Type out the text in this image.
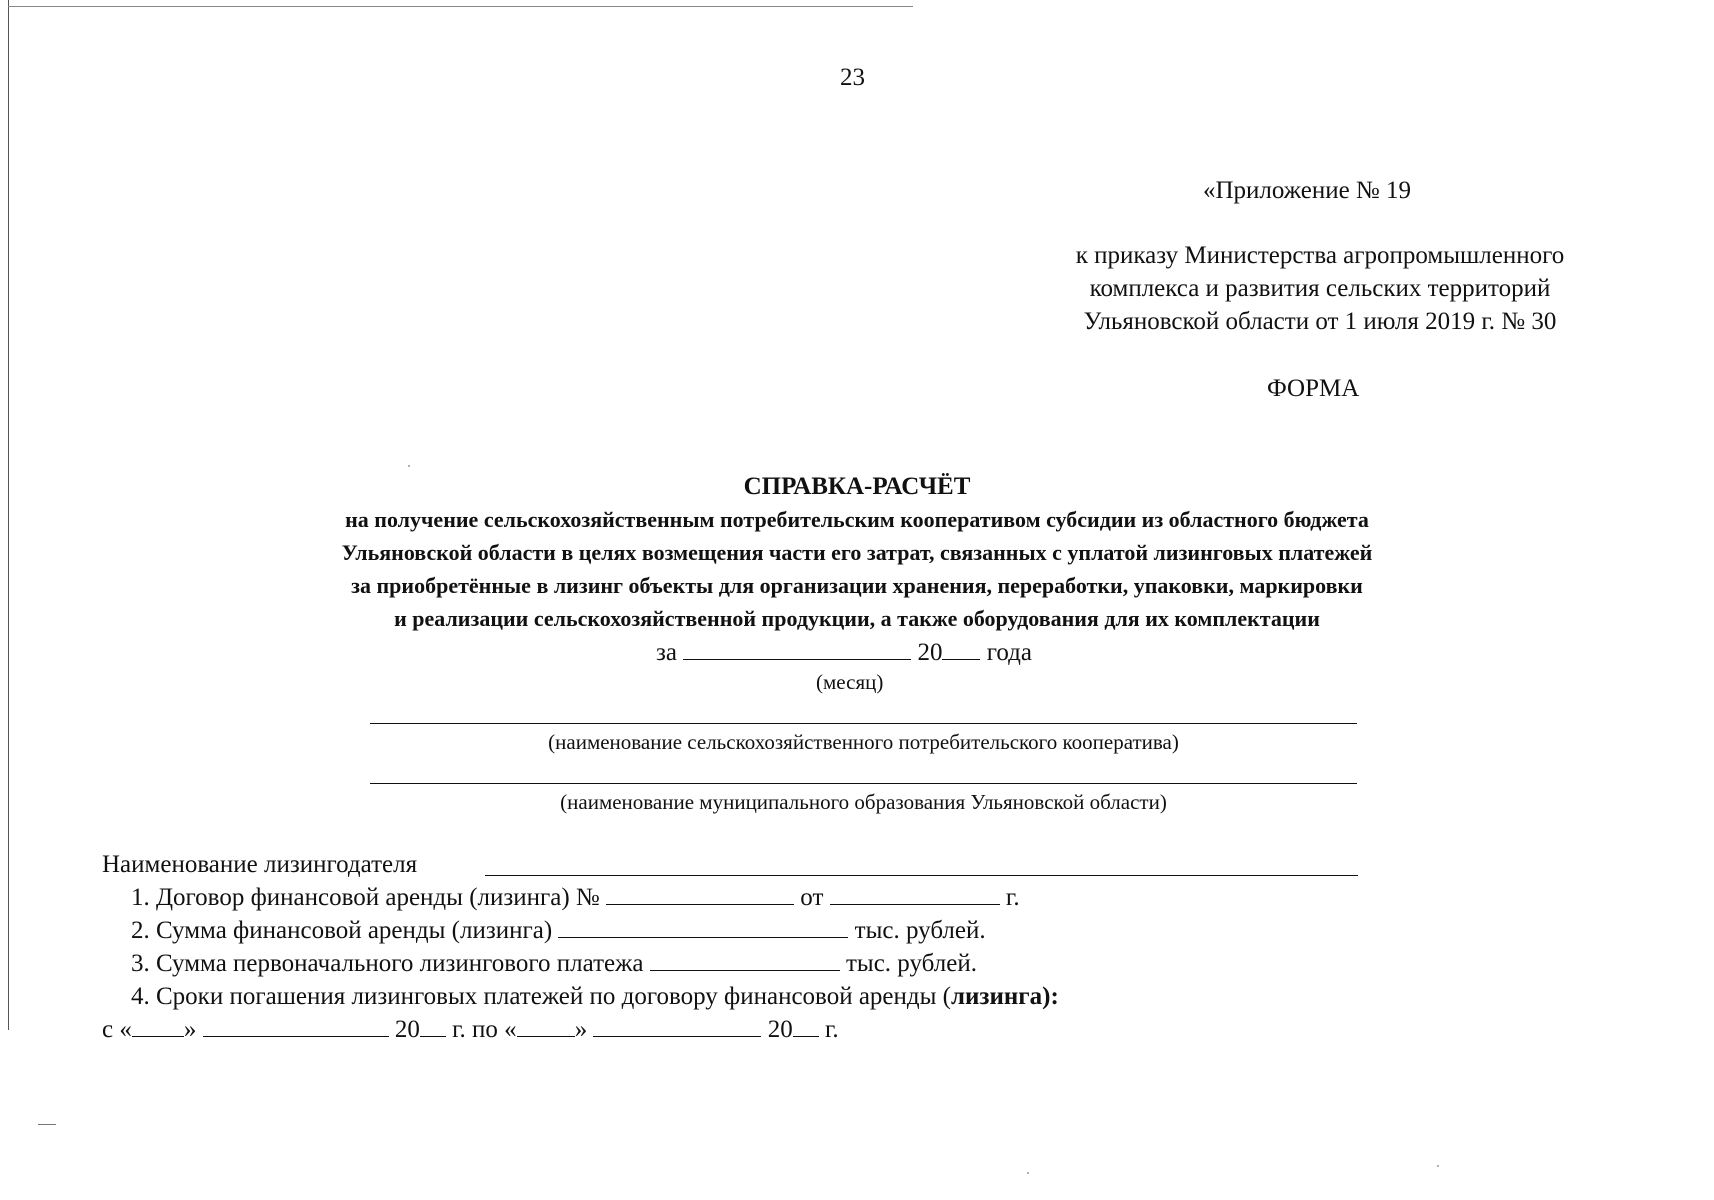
23
«Приложение № 19
к приказу Министерства агропромышленного
комплекса и развития сельских территорий
Ульяновской области от 1 июля 2019 г. № 30
ФОРМА
СПРАВКА-РАСЧЁТ
на получение сельскохозяйственным потребительским кооперативом субсидии из областного бюджета
Ульяновской области в целях возмещения части его затрат, связанных с уплатой лизинговых платежей
за приобретённые в лизинг объекты для организации хранения, переработки, упаковки, маркировки
и реализации сельскохозяйственной продукции, а также оборудования для их комплектации
за	20 года
(месяц)
(наименование сельскохозяйственного потребительского кооператива)
(наименование муниципального образования Ульяновской области)
Наименование лизингодателя
1. Договор финансовой аренды (лизинга) №	от	г.
2. Сумма финансовой аренды (лизинга)	тыс. рублей.
3. Сумма первоначального лизингового платежа	тыс. рублей.
4. Сроки погашения лизинговых платежей по договору финансовой аренды (лизинга):
с « »	20 г. по « »	20 г.
